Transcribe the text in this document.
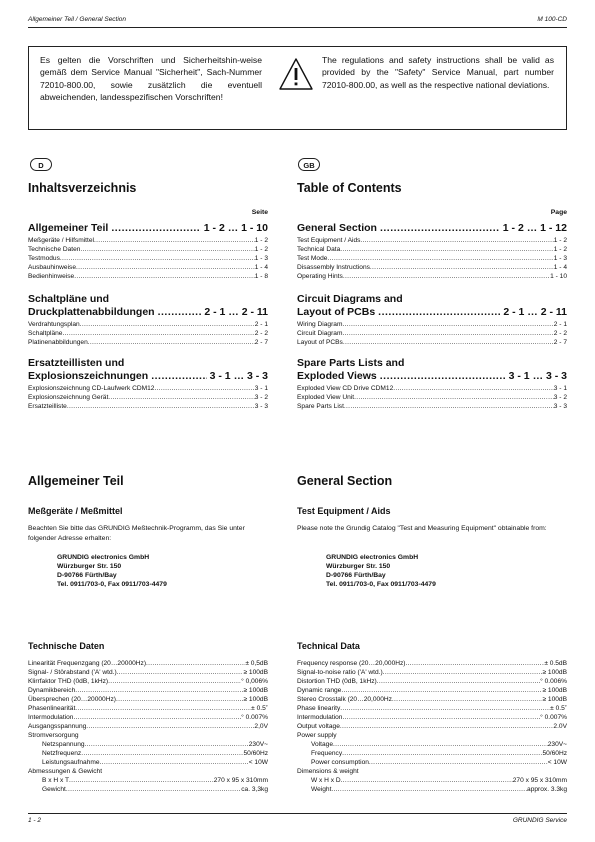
Allgemeiner Teil / General Section	M 100-CD
Es gelten die Vorschriften und Sicherheitshin-weise gemäß dem Service Manual "Sicherheit", Sach-Nummer 72010-800.00, sowie zusätzlich die eventuell abweichenden, landesspezifischen Vorschriften!
The regulations and safety instructions shall be valid as provided by the "Safety" Service Manual, part number 72010-800.00, as well as the respective national deviations.
D	GB
Inhaltsverzeichnis
Seite
Allgemeiner Teil .....	1 - 2 … 1 - 10
Meßgeräte / Hilfsmittel .....	1 - 2
Technische Daten .....	1 - 2
Testmodus .....	1 - 3
Ausbauhinweise .....	1 - 4
Bedienhinweise .....	1 - 8
Schaltpläne und
Druckplattenabbildungen .....	2 - 1 … 2 - 11
Verdrahtungsplan .....	2 - 1
Schaltpläne .....	2 - 2
Platinenabbildungen .....	2 - 7
Ersatzteillisten und
Explosionszeichnungen .....	3 - 1 … 3 - 3
Explosionszeichnung CD-Laufwerk CDM12 .....	3 - 1
Explosionszeichnung Gerät .....	3 - 2
Ersatzteilliste .....	3 - 3
Table of Contents
Page
General Section .....	1 - 2 … 1 - 12
Test Equipment / Aids .....	1 - 2
Technical Data .....	1 - 2
Test Mode .....	1 - 3
Disassembly Instructions .....	1 - 4
Operating Hints .....	1 - 10
Circuit Diagrams and
Layout of PCBs .....	2 - 1 … 2 - 11
Wiring Diagram .....	2 - 1
Circuit Diagram .....	2 - 2
Layout of PCBs .....	2 - 7
Spare Parts Lists and
Exploded Views .....	3 - 1 … 3 - 3
Exploded View CD Drive CDM12 .....	3 - 1
Exploded View Unit .....	3 - 2
Spare Parts List .....	3 - 3
Allgemeiner Teil
Meßgeräte / Meßmittel
Beachten Sie bitte das GRUNDIG Meßtechnik-Programm, das Sie unter folgender Adresse erhalten:
GRUNDIG electronics GmbH
Würzburger Str. 150
D-90766 Fürth/Bay
Tel. 0911/703-0, Fax 0911/703-4479
Technische Daten
Linearität Frequenzgang (20…20000Hz) .....	± 0,5dB
Signal- / Störabstand ('A' wtd.) .....	≥ 100dB
Klirrfaktor THD (0dB, 1kHz) .....	° 0,006%
Dynamikbereich .....	≥ 100dB
Übersprechen (20…20000Hz) .....	≥ 100dB
Phasenlinearität .....	± 0.5˚
Intermodulation .....	° 0.007%
Ausgangsspannung .....	2,0V
Stromversorgung
Netzspannung .....	230V~
Netzfrequenz .....	50/60Hz
Leistungsaufnahme .....	< 10W
Abmessungen & Gewicht
B x H x T .....	270 x 95 x 310mm
Gewicht .....	ca. 3,3kg
General Section
Test Equipment / Aids
Please note the Grundig Catalog "Test and Measuring Equipment" obtainable from:
GRUNDIG electronics GmbH
Würzburger Str. 150
D-90766 Fürth/Bay
Tel. 0911/703-0, Fax 0911/703-4479
Technical Data
Frequency response (20…20,000Hz) .....	± 0.5dB
Signal-to-noise ratio ('A' wtd.) .....	≥ 100dB
Distortion THD (0dB, 1kHz) .....	° 0.006%
Dynamic range .....	≥ 100dB
Stereo Crosstalk (20…20,000Hz .....	≥ 100dB
Phase linearity .....	± 0.5˚
Intermodulation .....	° 0.007%
Output voltage .....	2.0V
Power supply
Voltage .....	230V~
Frequency .....	50/60Hz
Power consumption .....	< 10W
Dimensions & weight
W x H x D .....	270 x 95 x 310mm
Weight .....	approx. 3.3kg
1 - 2	GRUNDIG Service
